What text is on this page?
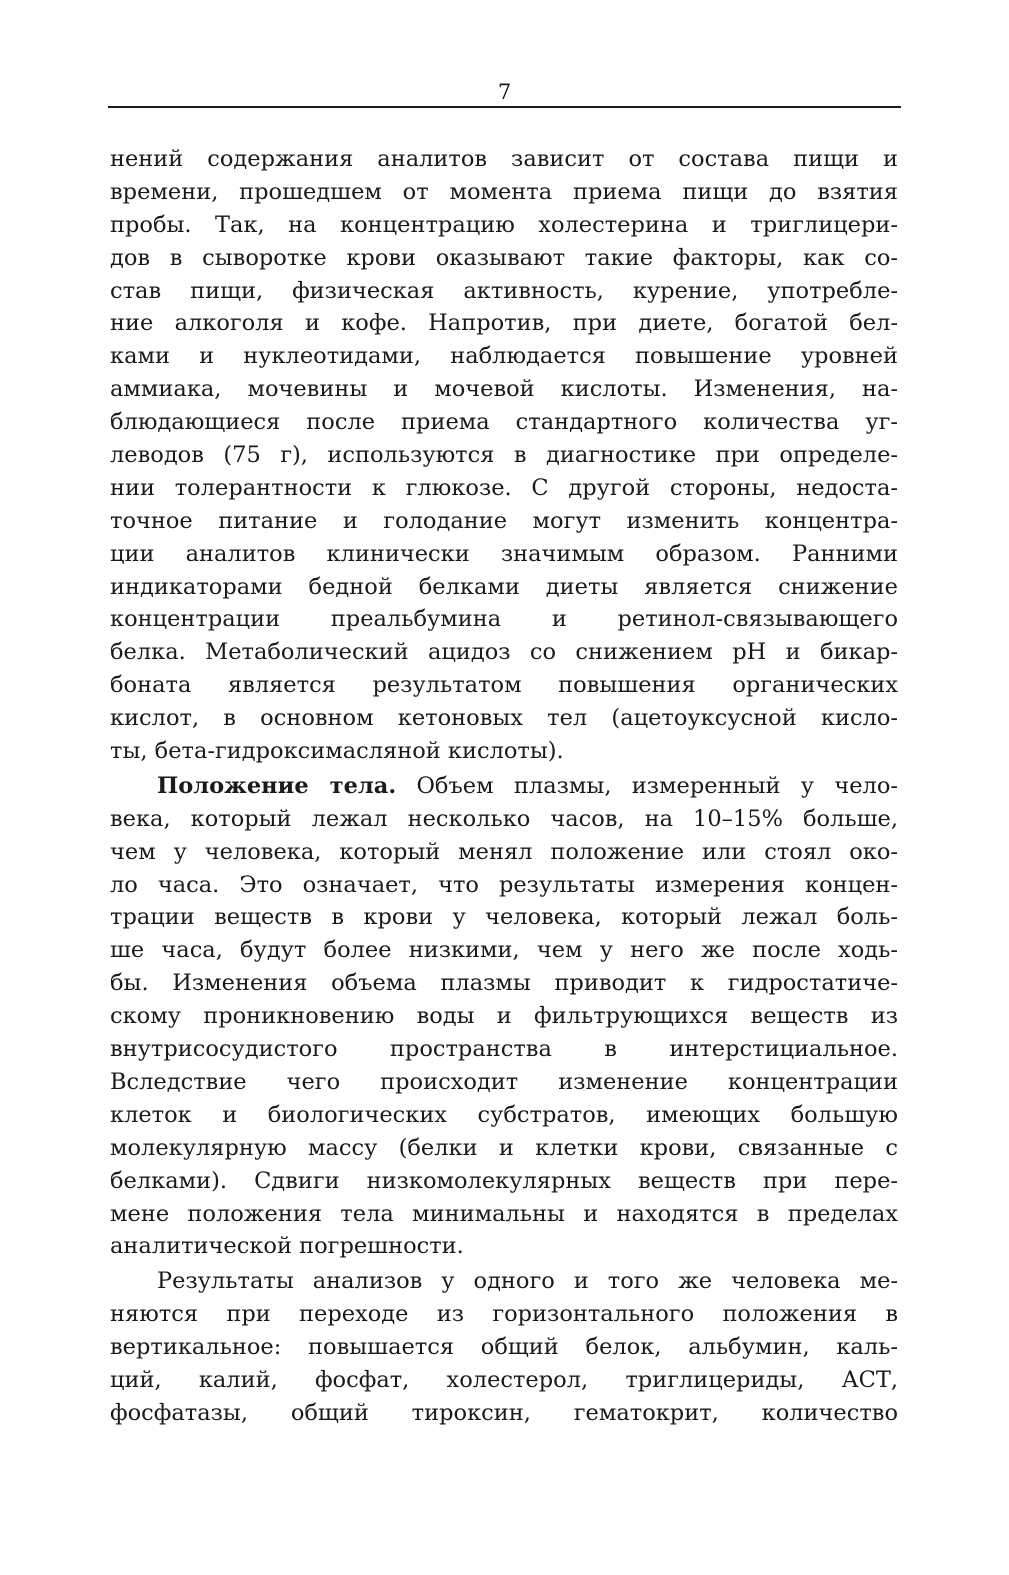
7
нений содержания аналитов зависит от состава пищи и
времени, прошедшем от момента приема пищи до взятия
пробы. Так, на концентрацию холестерина и триглицери-
дов в сыворотке крови оказывают такие факторы, как со-
став пищи, физическая активность, курение, употребле-
ние алкоголя и кофе. Напротив, при диете, богатой бел-
ками и нуклеотидами, наблюдается повышение уровней
аммиака, мочевины и мочевой кислоты. Изменения, на-
блюдающиеся после приема стандартного количества уг-
леводов (75 г), используются в диагностике при определе-
нии толерантности к глюкозе. С другой стороны, недоста-
точное питание и голодание могут изменить концентра-
ции аналитов клинически значимым образом. Ранними
индикаторами бедной белками диеты является снижение
концентрации преальбумина и ретинол-связывающего
белка. Метаболический ацидоз со снижением pH и бикар-
боната является результатом повышения органических
кислот, в основном кетоновых тел (ацетоуксусной кисло-
ты, бета-гидроксимасляной кислоты).
Положение тела. Объем плазмы, измеренный у чело-
века, который лежал несколько часов, на 10–15% больше,
чем у человека, который менял положение или стоял око-
ло часа. Это означает, что результаты измерения концен-
трации веществ в крови у человека, который лежал боль-
ше часа, будут более низкими, чем у него же после ходь-
бы. Изменения объема плазмы приводит к гидростатиче-
скому проникновению воды и фильтрующихся веществ из
внутрисосудистого пространства в интерстициальное.
Вследствие чего происходит изменение концентрации
клеток и биологических субстратов, имеющих большую
молекулярную массу (белки и клетки крови, связанные с
белками). Сдвиги низкомолекулярных веществ при пере-
мене положения тела минимальны и находятся в пределах
аналитической погрешности.
Результаты анализов у одного и того же человека ме-
няются при переходе из горизонтального положения в
вертикальное: повышается общий белок, альбумин, каль-
ций, калий, фосфат, холестерол, триглицериды, АСТ,
фосфатазы, общий тироксин, гематокрит, количество
